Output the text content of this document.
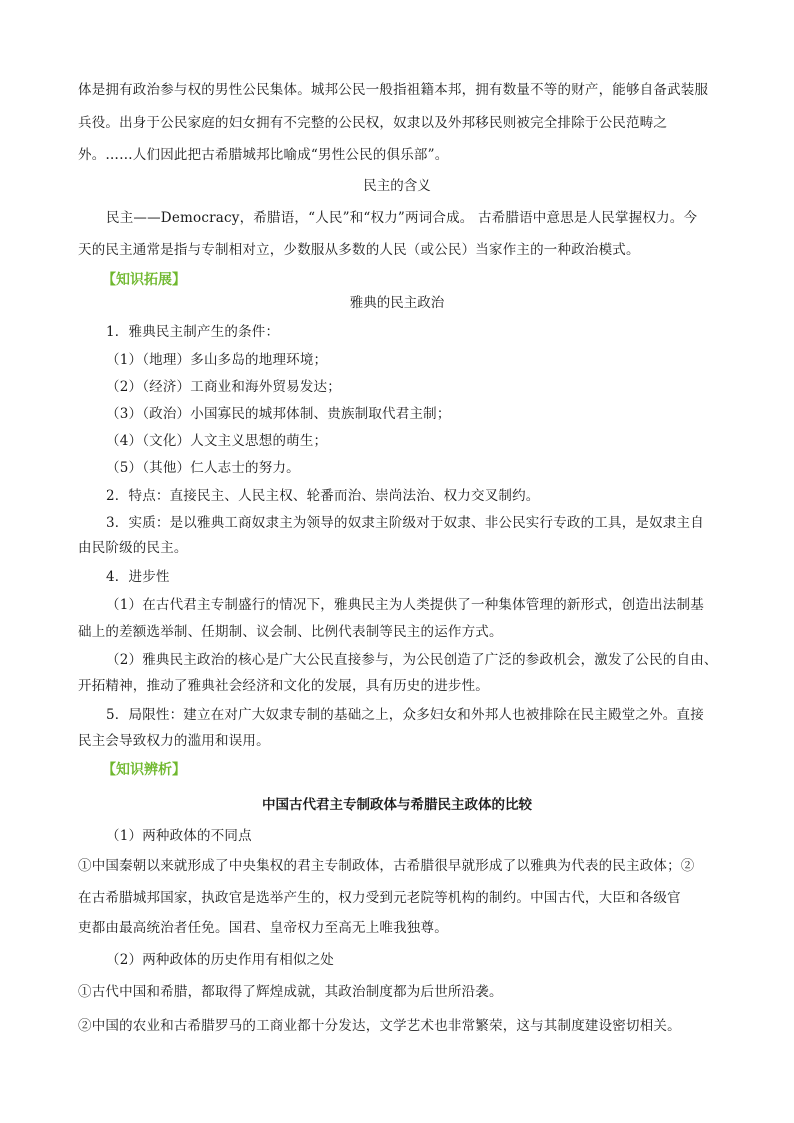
体是拥有政治参与权的男性公民集体。城邦公民一般指祖籍本邦，拥有数量不等的财产，能够自备武装服
兵役。出身于公民家庭的妇女拥有不完整的公民权，奴隶以及外邦移民则被完全排除于公民范畴之
外。……人们因此把古希腊城邦比喻成“男性公民的俱乐部”。
民主的含义
民主——Democracy，希腊语，“人民”和“权力”两词合成。 古希腊语中意思是人民掌握权力。今
天的民主通常是指与专制相对立，少数服从多数的人民（或公民）当家作主的一种政治模式。
【知识拓展】
雅典的民主政治
1．雅典民主制产生的条件：
（1）（地理）多山多岛的地理环境；
（2）（经济）工商业和海外贸易发达；
（3）（政治）小国寡民的城邦体制、贵族制取代君主制；
（4）（文化）人文主义思想的萌生；
（5）（其他）仁人志士的努力。
2．特点：直接民主、人民主权、轮番而治、崇尚法治、权力交叉制约。
3．实质：是以雅典工商奴隶主为领导的奴隶主阶级对于奴隶、非公民实行专政的工具，是奴隶主自
由民阶级的民主。
4．进步性
（1）在古代君主专制盛行的情况下，雅典民主为人类提供了一种集体管理的新形式，创造出法制基
础上的差额选举制、任期制、议会制、比例代表制等民主的运作方式。
（2）雅典民主政治的核心是广大公民直接参与，为公民创造了广泛的参政机会，激发了公民的自由、
开拓精神，推动了雅典社会经济和文化的发展，具有历史的进步性。
5．局限性：建立在对广大奴隶专制的基础之上，众多妇女和外邦人也被排除在民主殿堂之外。直接
民主会导致权力的滥用和误用。
【知识辨析】
中国古代君主专制政体与希腊民主政体的比较
（1）两种政体的不同点
①中国秦朝以来就形成了中央集权的君主专制政体，古希腊很早就形成了以雅典为代表的民主政体；②
在古希腊城邦国家，执政官是选举产生的，权力受到元老院等机构的制约。中国古代，大臣和各级官
吏都由最高统治者任免。国君、皇帝权力至高无上唯我独尊。
（2）两种政体的历史作用有相似之处
①古代中国和希腊，都取得了辉煌成就，其政治制度都为后世所沿袭。
②中国的农业和古希腊罗马的工商业都十分发达，文学艺术也非常繁荣，这与其制度建设密切相关。
